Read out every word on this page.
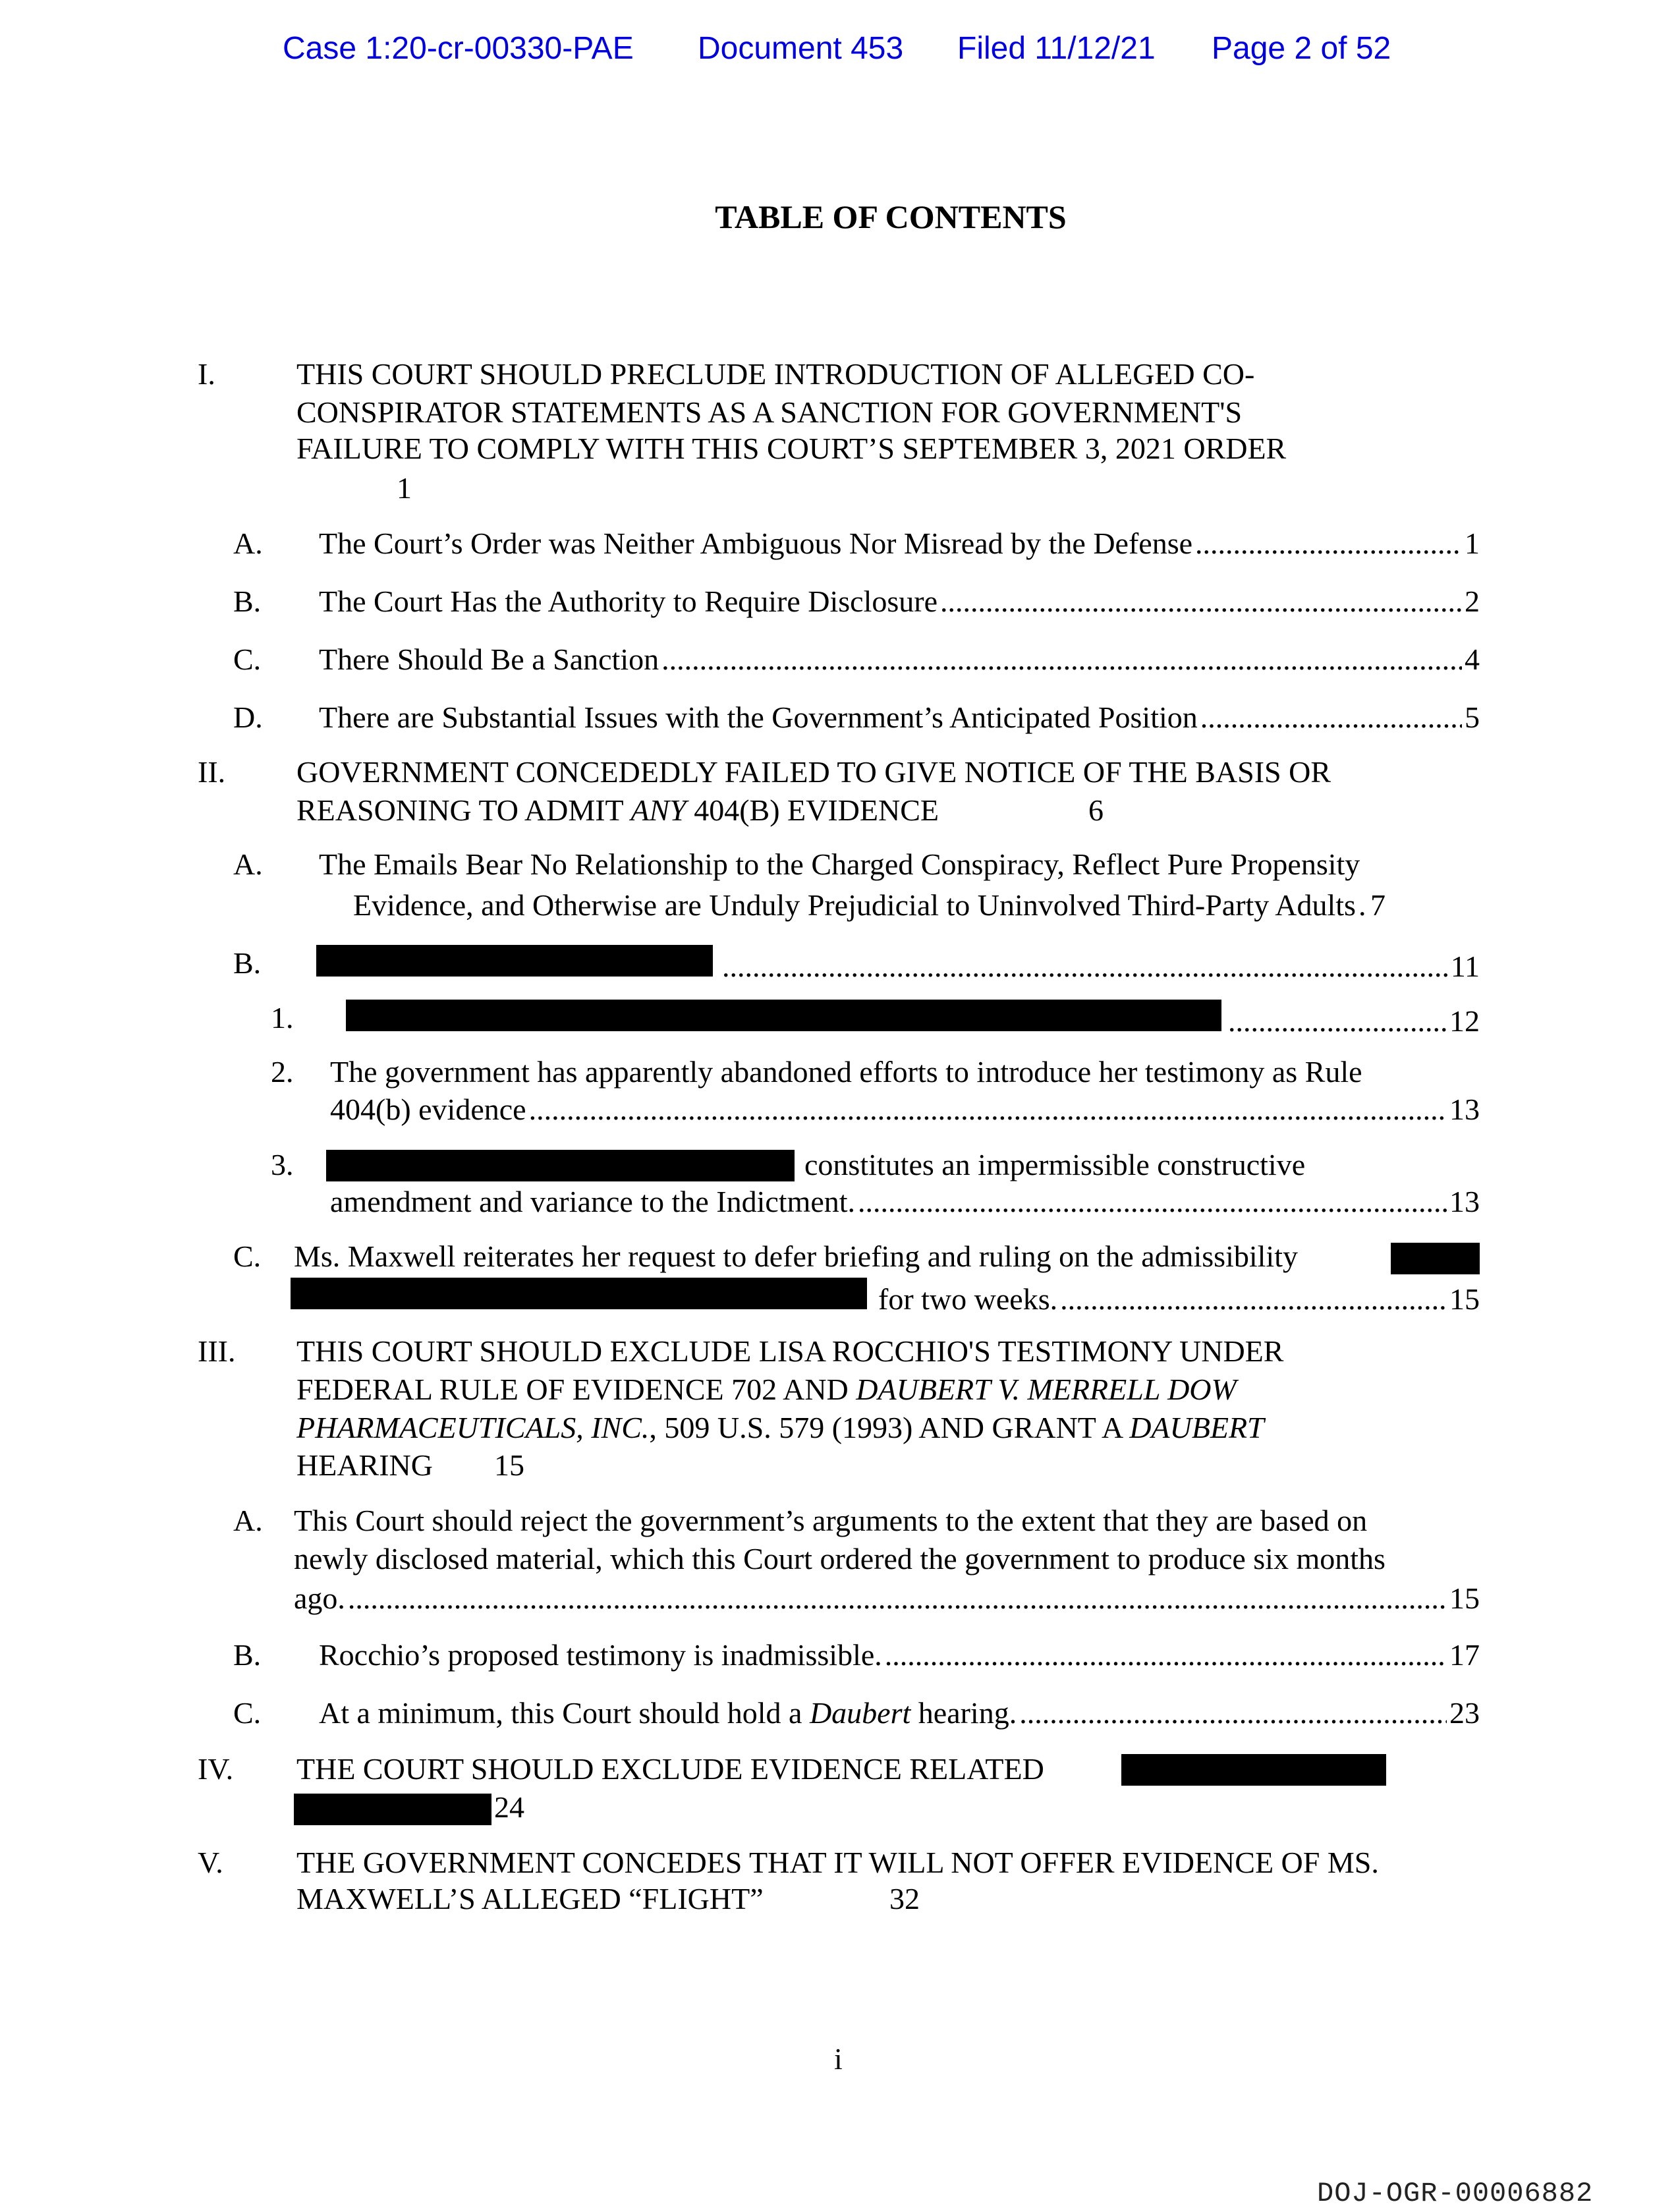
Case 1:20-cr-00330-PAE Document 453 Filed 11/12/21 Page 2 of 52
TABLE OF CONTENTS
I.	THIS COURT SHOULD PRECLUDE INTRODUCTION OF ALLEGED CO-
CONSPIRATOR STATEMENTS AS A SANCTION FOR GOVERNMENT'S
FAILURE TO COMPLY WITH THIS COURT’S SEPTEMBER 3, 2021 ORDER
1
A. The Court’s Order was Neither Ambiguous Nor Misread by the Defense .....	1
B. The Court Has the Authority to Require Disclosure .....	2
C. There Should Be a Sanction .....	4
D. There are Substantial Issues with the Government’s Anticipated Position .....	5
II. GOVERNMENT CONCEDEDLY FAILED TO GIVE NOTICE OF THE BASIS OR
REASONING TO ADMIT ANY 404(B) EVIDENCE	6
A. The Emails Bear No Relationship to the Charged Conspiracy, Reflect Pure Propensity
Evidence, and Otherwise are Unduly Prejudicial to Uninvolved Third-Party Adults ..... 7
B. .....	11
1. .....	12
2. The government has apparently abandoned efforts to introduce her testimony as Rule
404(b) evidence .....	13
3.	constitutes an impermissible constructive
amendment and variance to the Indictment. .....	13
C. Ms. Maxwell reiterates her request to defer briefing and ruling on the admissibility
for two weeks. .....	15
III. THIS COURT SHOULD EXCLUDE LISA ROCCHIO'S TESTIMONY UNDER
FEDERAL RULE OF EVIDENCE 702 AND DAUBERT V. MERRELL DOW
PHARMACEUTICALS, INC., 509 U.S. 579 (1993) AND GRANT A DAUBERT
HEARING 15
A. This Court should reject the government’s arguments to the extent that they are based on
newly disclosed material, which this Court ordered the government to produce six months
ago. .....	15
B. Rocchio’s proposed testimony is inadmissible. .....	17
C. At a minimum, this Court should hold a Daubert hearing. .....	23
IV. THE COURT SHOULD EXCLUDE EVIDENCE RELATED
24
V. THE GOVERNMENT CONCEDES THAT IT WILL NOT OFFER EVIDENCE OF MS.
MAXWELL’S ALLEGED “FLIGHT”	32
i
DOJ-OGR-00006882
